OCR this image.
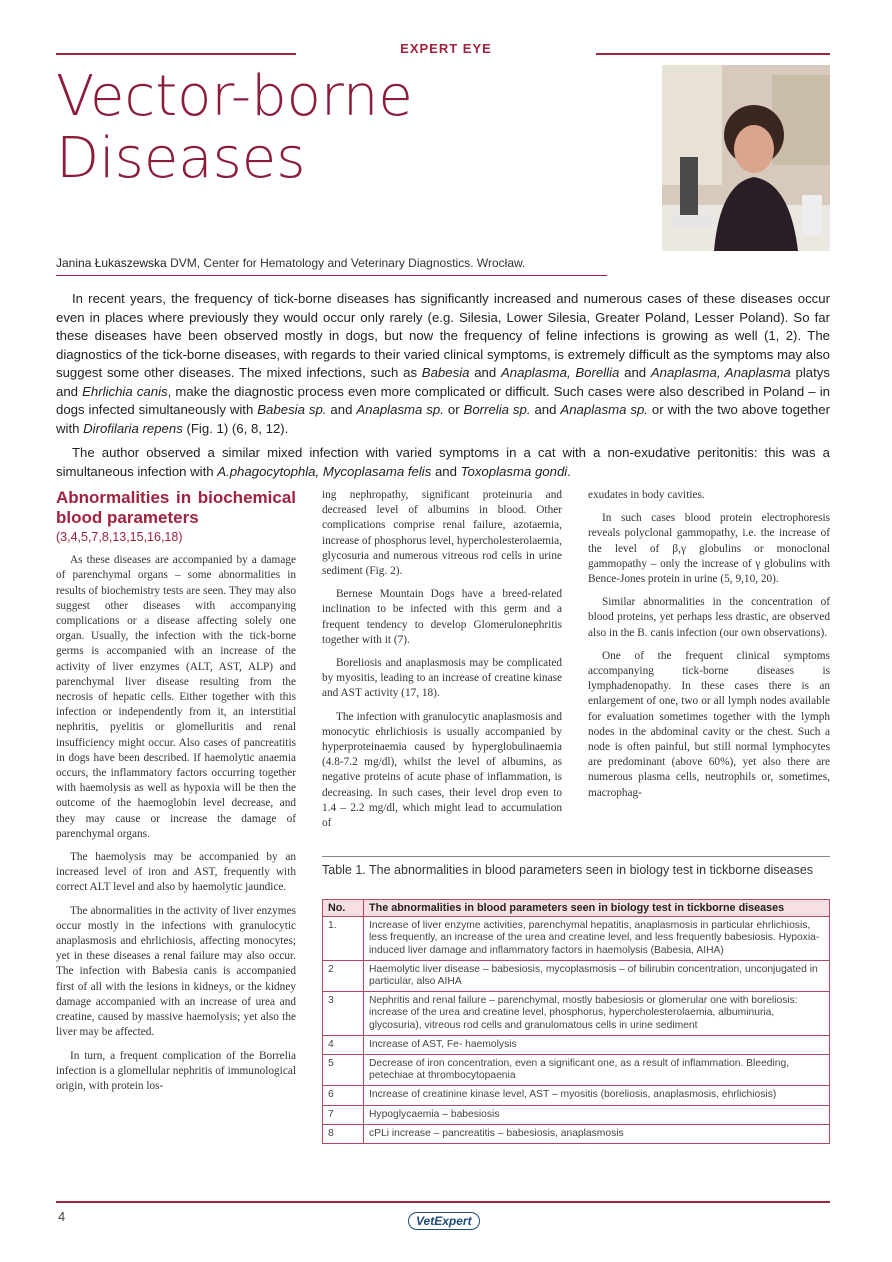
EXPERT EYE
Vector-borne
Diseases
Janina Łukaszewska DVM, Center for Hematology and Veterinary Diagnostics. Wrocław.

In recent years, the frequency of tick-borne diseases has significantly increased and numerous cases of these diseases occur even in places where previously they would occur only rarely (e.g. Silesia, Lower Silesia, Greater Poland, Lesser Poland). So far these diseases have been observed mostly in dogs, but now the frequency of feline infections is growing as well (1, 2). The diagnostics of the tick-borne diseases, with regards to their varied clinical symptoms, is extremely difficult as the symptoms may also suggest some other diseases. The mixed infections, such as Babesia and Anaplasma, Borellia and Anaplasma, Anaplasma platys and Ehrlichia canis, make the diagnostic process even more complicated or difficult. Such cases were also described in Poland – in dogs infected simultaneously with Babesia sp. and Anaplasma sp. or Borrelia sp. and Anaplasma sp. or with the two above together with Dirofilaria repens (Fig. 1) (6, 8, 12).

The author observed a similar mixed infection with varied symptoms in a cat with a non-exudative peritonitis: this was a simultaneous infection with A.phagocytophla, Mycoplasama felis and Toxoplasma gondi.

Abnormalities in biochemical blood parameters
(3,4,5,7,8,13,15,16,18)

As these diseases are accompanied by a damage of parenchymal organs – some abnormalities in results of biochemistry tests are seen. They may also suggest other diseases with accompanying complications or a disease affecting solely one organ. Usually, the infection with the tick-borne germs is accompanied with an increase of the activity of liver enzymes (ALT, AST, ALP) and parenchymal liver disease resulting from the necrosis of hepatic cells. Either together with this infection or independently from it, an interstitial nephritis, pyelitis or glomelluritis and renal insufficiency might occur. Also cases of pancreatitis in dogs have been described. If haemolytic anaemia occurs, the inflammatory factors occurring together with haemolysis as well as hypoxia will be then the outcome of the haemoglobin level decrease, and they may cause or increase the damage of parenchymal organs.

The haemolysis may be accompanied by an increased level of iron and AST, frequently with correct ALT level and also by haemolytic jaundice.

The abnormalities in the activity of liver enzymes occur mostly in the infections with granulocytic anaplasmosis and ehrlichiosis, affecting monocytes; yet in these diseases a renal failure may also occur. The infection with Babesia canis is accompanied first of all with the lesions in kidneys, or the kidney damage accompanied with an increase of urea and creatine, caused by massive haemolysis; yet also the liver may be affected.

In turn, a frequent complication of the Borrelia infection is a glomellular nephritis of immunological origin, with protein los-

ing nephropathy, significant proteinuria and decreased level of albumins in blood. Other complications comprise renal failure, azotaemia, increase of phosphorus level, hypercholesterolaemia, glycosuria and numerous vitreous rod cells in urine sediment (Fig. 2).

Bernese Mountain Dogs have a breed-related inclination to be infected with this germ and a frequent tendency to develop Glomerulonephritis together with it (7).

Boreliosis and anaplasmosis may be complicated by myositis, leading to an increase of creatine kinase and AST activity (17, 18).

The infection with granulocytic anaplasmosis and monocytic ehrlichiosis is usually accompanied by hyperproteinaemia caused by hyperglobulinaemia (4.8-7.2 mg/dl), whilst the level of albumins, as negative proteins of acute phase of inflammation, is decreasing. In such cases, their level drop even to 1.4 – 2.2 mg/dl, which might lead to accumulation of

exudates in body cavities.

In such cases blood protein electrophoresis reveals polyclonal gammopathy, i.e. the increase of the level of β,γ globulins or monoclonal gammopathy – only the increase of γ globulins with Bence-Jones protein in urine (5, 9,10, 20).

Similar abnormalities in the concentration of blood proteins, yet perhaps less drastic, are observed also in the B. canis infection (our own observations).

One of the frequent clinical symptoms accompanying tick-borne diseases is lymphadenopathy. In these cases there is an enlargement of one, two or all lymph nodes available for evaluation sometimes together with the lymph nodes in the abdominal cavity or the chest. Such a node is often painful, but still normal lymphocytes are predominant (above 60%), yet also there are numerous plasma cells, neutrophils or, sometimes, macrophag-

Table 1. The abnormalities in blood parameters seen in biology test in tickborne diseases
No.	The abnormalities in blood parameters seen in biology test in tickborne diseases
1.	Increase of liver enzyme activities, parenchymal hepatitis, anaplasmosis in particular ehrlichiosis, less frequently, an increase of the urea and creatine level, and less frequently babesiosis. Hypoxia-induced liver damage and inflammatory factors in haemolysis (Babesia, AIHA)
2	Haemolytic liver disease – babesiosis, mycoplasmosis – of bilirubin concentration, unconjugated in particular, also AIHA
3	Nephritis and renal failure – parenchymal, mostly babesiosis or glomerular one with boreliosis: increase of the urea and creatine level, phosphorus, hypercholesterolaemia, albuminuria, glycosuria), vitreous rod cells and granulomatous cells in urine sediment
4	Increase of AST, Fe- haemolysis
5	Decrease of iron concentration, even a significant one, as a result of inflammation. Bleeding, petechiae at thrombocytopaenia
6	Increase of creatinine kinase level, AST – myositis (boreliosis, anaplasmosis, ehrlichiosis)
7	Hypoglycaemia – babesiosis
8	cPLi increase – pancreatitis – babesiosis, anaplasmosis
4	VetExpert
